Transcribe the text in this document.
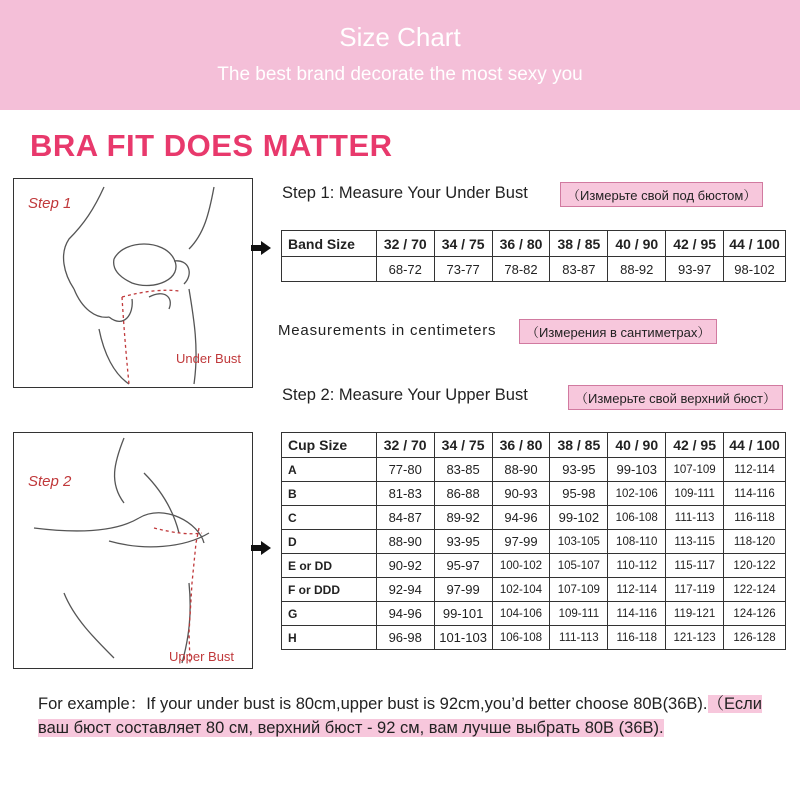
Size Chart
The best brand decorate the most sexy you
BRA FIT DOES MATTER
Step 1
Under Bust
Step 1: Measure Your Under Bust	（Измерьте свой под бюстом）
Band Size	32 / 70	34 / 75	36 / 80	38 / 85	40 / 90	42 / 95	44 / 100
	68-72	73-77	78-82	83-87	88-92	93-97	98-102
Measurements in centimeters	（Измерения в сантиметрах）
Step 2
Upper Bust
Step 2: Measure Your Upper Bust	（Измерьте свой верхний бюст）
Cup Size	32 / 70	34 / 75	36 / 80	38 / 85	40 / 90	42 / 95	44 / 100
A	77-80	83-85	88-90	93-95	99-103	107-109	112-114
B	81-83	86-88	90-93	95-98	102-106	109-111	114-116
C	84-87	89-92	94-96	99-102	106-108	111-113	116-118
D	88-90	93-95	97-99	103-105	108-110	113-115	118-120
E or DD	90-92	95-97	100-102	105-107	110-112	115-117	120-122
F or DDD	92-94	97-99	102-104	107-109	112-114	117-119	122-124
G	94-96	99-101	104-106	109-111	114-116	119-121	124-126
H	96-98	101-103	106-108	111-113	116-118	121-123	126-128
For example：If your under bust is 80cm,upper bust is 92cm,you’d better choose 80B(36B).（Если ваш бюст составляет 80 см, верхний бюст - 92 см, вам лучше выбрать 80B (36B).
